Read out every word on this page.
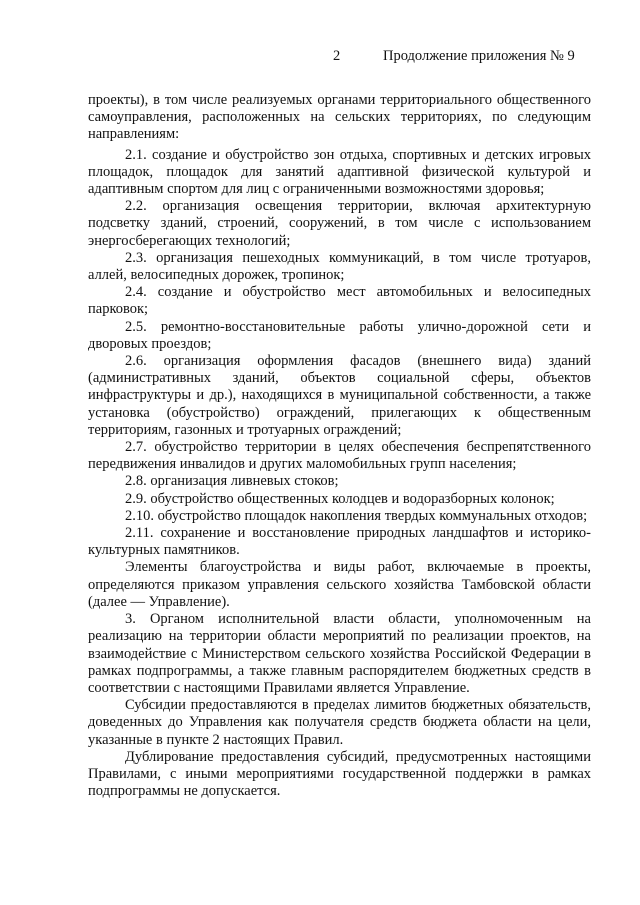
2	Продолжение приложения № 9

проекты), в том числе реализуемых органами территориального общественного самоуправления, расположенных на сельских территориях, по следующим направлениям:

2.1. создание и обустройство зон отдыха, спортивных и детских игровых площадок, площадок для занятий адаптивной физической культурой и адаптивным спортом для лиц с ограниченными возможностями здоровья;

2.2. организация освещения территории, включая архитектурную подсветку зданий, строений, сооружений, в том числе с использованием энергосберегающих технологий;

2.3. организация пешеходных коммуникаций, в том числе тротуаров, аллей, велосипедных дорожек, тропинок;

2.4. создание и обустройство мест автомобильных и велосипедных парковок;

2.5. ремонтно-восстановительные работы улично-дорожной сети и дворовых проездов;

2.6. организация оформления фасадов (внешнего вида) зданий (административных зданий, объектов социальной сферы, объектов инфраструктуры и др.), находящихся в муниципальной собственности, а также установка (обустройство) ограждений, прилегающих к общественным территориям, газонных и тротуарных ограждений;

2.7. обустройство территории в целях обеспечения беспрепятственного передвижения инвалидов и других маломобильных групп населения;

2.8. организация ливневых стоков;

2.9. обустройство общественных колодцев и водоразборных колонок;

2.10. обустройство площадок накопления твердых коммунальных отходов;

2.11. сохранение и восстановление природных ландшафтов и историко-культурных памятников.

Элементы благоустройства и виды работ, включаемые в проекты, определяются приказом управления сельского хозяйства Тамбовской области (далее — Управление).

3. Органом исполнительной власти области, уполномоченным на реализацию на территории области мероприятий по реализации проектов, на взаимодействие с Министерством сельского хозяйства Российской Федерации в рамках подпрограммы, а также главным распорядителем бюджетных средств в соответствии с настоящими Правилами является Управление.

Субсидии предоставляются в пределах лимитов бюджетных обязательств, доведенных до Управления как получателя средств бюджета области на цели, указанные в пункте 2 настоящих Правил.

Дублирование предоставления субсидий, предусмотренных настоящими Правилами, с иными мероприятиями государственной поддержки в рамках подпрограммы не допускается.
